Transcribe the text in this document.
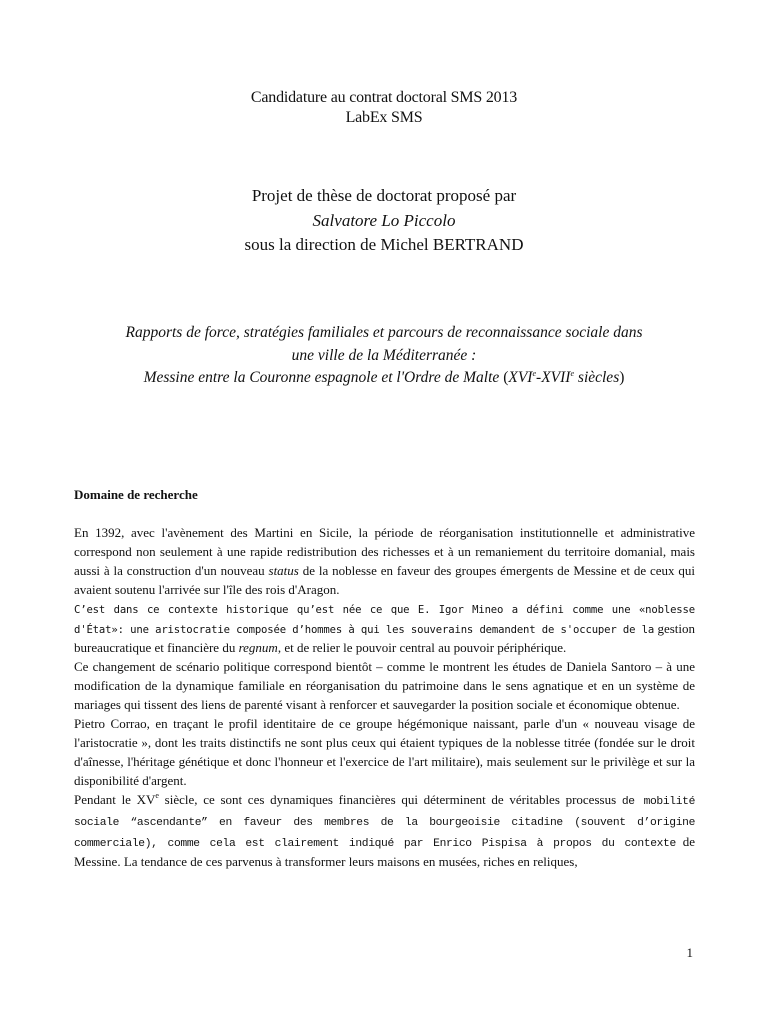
Candidature au contrat doctoral SMS 2013
LabEx SMS
Projet de thèse de doctorat proposé par
Salvatore Lo Piccolo
sous la direction de Michel BERTRAND
Rapports de force, stratégies familiales et parcours de reconnaissance sociale dans
une ville de la Méditerranée :
Messine entre la Couronne espagnole et l'Ordre de Malte (XVIe-XVIIe siècles)
Domaine de recherche

En 1392, avec l'avènement des Martini en Sicile, la période de réorganisation institutionnelle et administrative correspond non seulement à une rapide redistribution des richesses et à un remaniement du territoire domanial, mais aussi à la construction d'un nouveau status de la noblesse en faveur des groupes émergents de Messine et de ceux qui avaient soutenu l'arrivée sur l'île des rois d'Aragon.

C’est dans ce contexte historique qu’est née ce que E. Igor Mineo a défini comme une «noblesse d'État»: une aristocratie composée d’hommes à qui les souverains demandent de s'occuper de la gestion bureaucratique et financière du regnum, et de relier le pouvoir central au pouvoir périphérique.

Ce changement de scénario politique correspond bientôt – comme le montrent les études de Daniela Santoro – à une modification de la dynamique familiale en réorganisation du patrimoine dans le sens agnatique et en un système de mariages qui tissent des liens de parenté visant à renforcer et sauvegarder la position sociale et économique obtenue.

Pietro Corrao, en traçant le profil identitaire de ce groupe hégémonique naissant, parle d'un « nouveau visage de l'aristocratie », dont les traits distinctifs ne sont plus ceux qui étaient typiques de la noblesse titrée (fondée sur le droit d'aînesse, l'héritage génétique et donc l'honneur et l'exercice de l'art militaire), mais seulement sur le privilège et sur la disponibilité d'argent.

Pendant le XVe siècle, ce sont ces dynamiques financières qui déterminent de véritables processus de mobilité sociale “ascendante” en faveur des membres de la bourgeoisie citadine (souvent d’origine commerciale), comme cela est clairement indiqué par Enrico Pispisa à propos du contexte de Messine. La tendance de ces parvenus à transformer leurs maisons en musées, riches en reliques,

1
